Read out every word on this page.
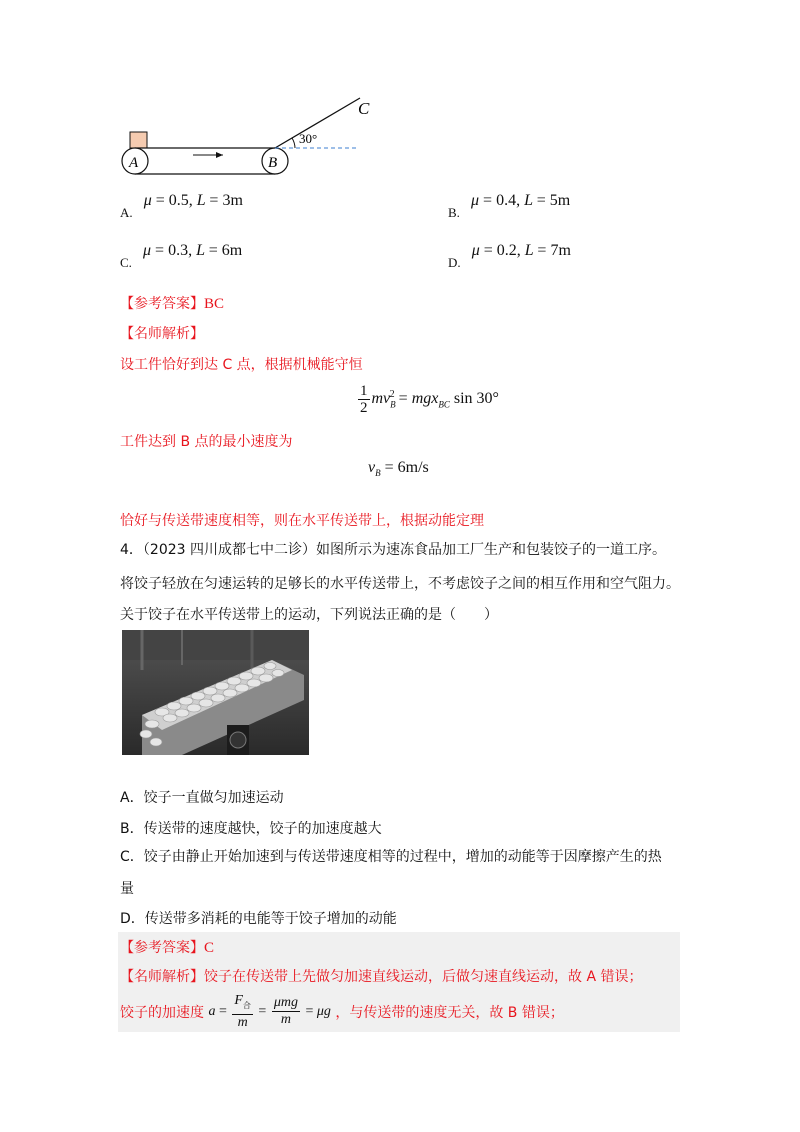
A	B
C
30°
$_{A.}$ μ = 0.5, L = 3m
$_{B.}$ μ = 0.4, L = 5m
$_{C.}$ μ = 0.3, L = 6m
$_{D.}$ μ = 0.2, L = 7m
【参考答案】BC
【名师解析】
设工件恰好到达 C 点，根据机械能守恒
$\frac{1}{2} mv_B^2 = mgx_{BC}$ sin 30°
工件达到 B 点的最小速度为
$v_B = 6m/s$
恰好与传送带速度相等，则在水平传送带上，根据动能定理
4．（2023 四川成都七中二诊）如图所示为速冻食品加工厂生产和包装饺子的一道工序。
将饺子轻放在匀速运转的足够长的水平传送带上，不考虑饺子之间的相互作用和空气阻力。
关于饺子在水平传送带上的运动，下列说法正确的是（　　）
A．饺子一直做匀加速运动
B．传送带的速度越快，饺子的加速度越大
C．饺子由静止开始加速到与传送带速度相等的过程中，增加的动能等于因摩擦产生的热
量
D．传送带多消耗的电能等于饺子增加的动能
【参考答案】C
【名师解析】饺子在传送带上先做匀加速直线运动，后做匀速直线运动，故 A 错误；
饺子的加速度 $a = \frac{F_合}{m} = \frac{\text{μmg}}{m} = \mu g$ ，与传送带的速度无关，故 B 错误；
